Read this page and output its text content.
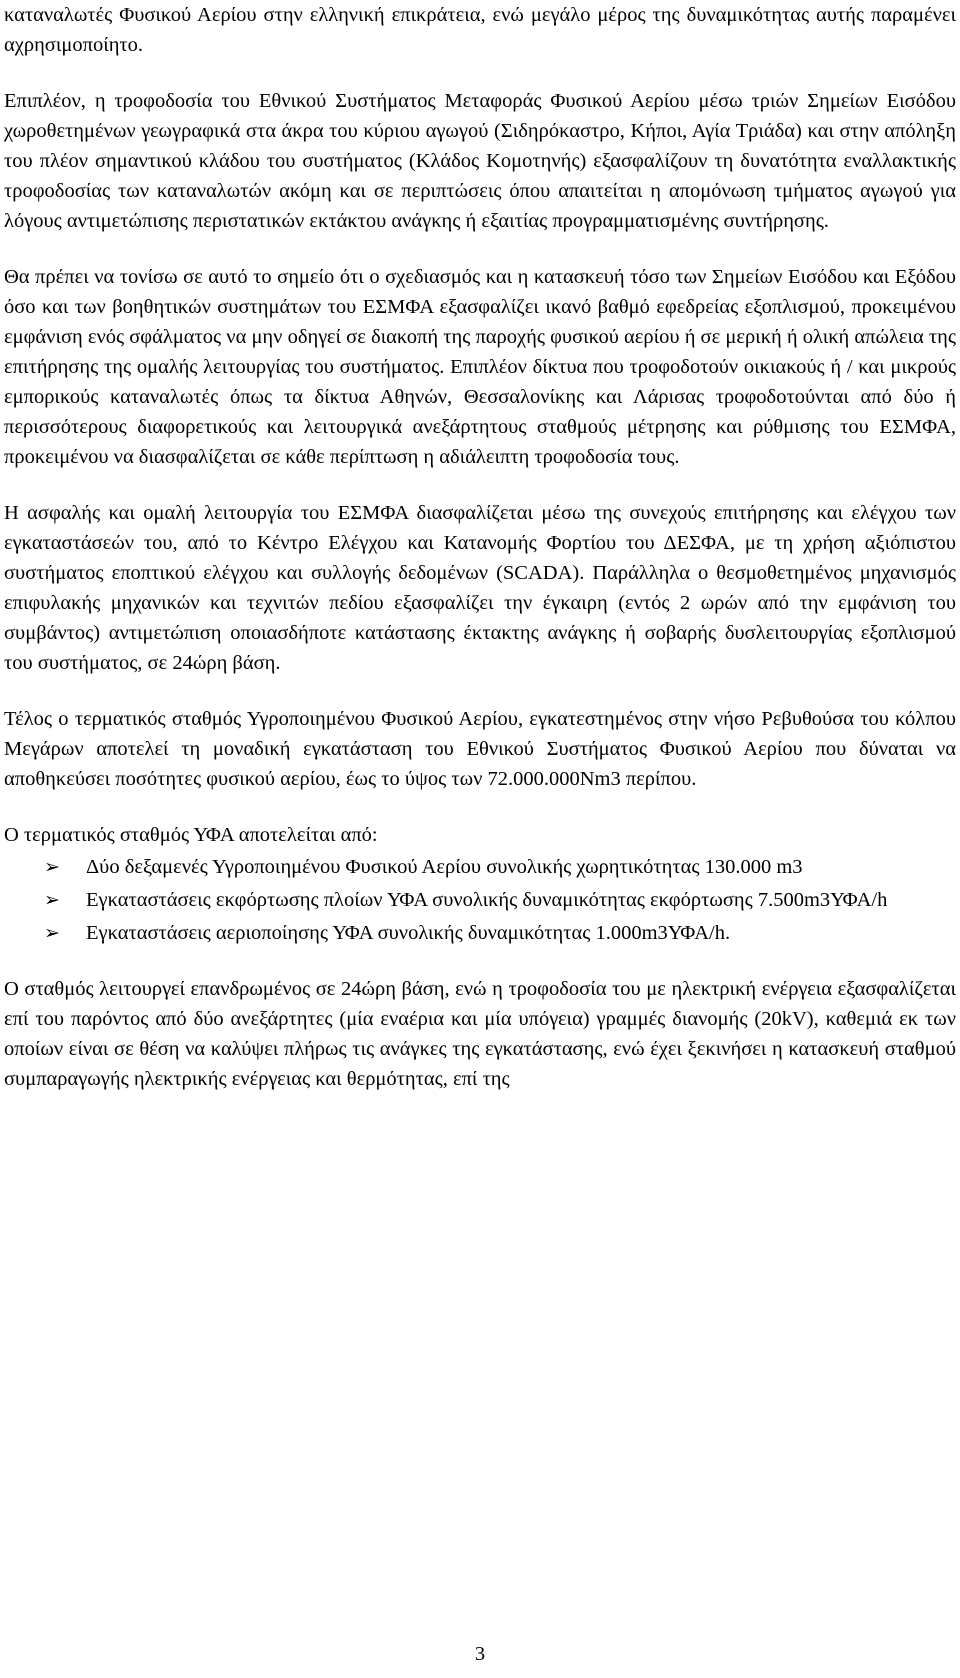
καταναλωτές Φυσικού Αερίου στην ελληνική επικράτεια, ενώ μεγάλο μέρος της δυναμικότητας αυτής παραμένει αχρησιμοποίητο.

Επιπλέον, η τροφοδοσία του Εθνικού Συστήματος Μεταφοράς Φυσικού Αερίου μέσω τριών Σημείων Εισόδου χωροθετημένων γεωγραφικά στα άκρα του κύριου αγωγού (Σιδηρόκαστρο, Κήποι, Αγία Τριάδα) και στην απόληξη του πλέον σημαντικού κλάδου του συστήματος (Κλάδος Κομοτηνής) εξασφαλίζουν τη δυνατότητα εναλλακτικής τροφοδοσίας των καταναλωτών ακόμη και σε περιπτώσεις όπου απαιτείται η απομόνωση τμήματος αγωγού για λόγους αντιμετώπισης περιστατικών εκτάκτου ανάγκης ή εξαιτίας προγραμματισμένης συντήρησης.

Θα πρέπει να τονίσω σε αυτό το σημείο ότι ο σχεδιασμός και η κατασκευή τόσο των Σημείων Εισόδου και Εξόδου όσο και των βοηθητικών συστημάτων του ΕΣΜΦΑ εξασφαλίζει ικανό βαθμό εφεδρείας εξοπλισμού, προκειμένου εμφάνιση ενός σφάλματος να μην οδηγεί σε διακοπή της παροχής φυσικού αερίου ή σε μερική ή ολική απώλεια της επιτήρησης της ομαλής λειτουργίας του συστήματος. Επιπλέον δίκτυα που τροφοδοτούν οικιακούς ή / και μικρούς εμπορικούς καταναλωτές όπως τα δίκτυα Αθηνών, Θεσσαλονίκης και Λάρισας τροφοδοτούνται από δύο ή περισσότερους διαφορετικούς και λειτουργικά ανεξάρτητους σταθμούς μέτρησης και ρύθμισης του ΕΣΜΦΑ, προκειμένου να διασφαλίζεται σε κάθε περίπτωση η αδιάλειπτη τροφοδοσία τους.

Η ασφαλής και ομαλή λειτουργία του ΕΣΜΦΑ διασφαλίζεται μέσω της συνεχούς επιτήρησης και ελέγχου των εγκαταστάσεών του, από το Κέντρο Ελέγχου και Κατανομής Φορτίου του ΔΕΣΦΑ, με τη χρήση αξιόπιστου συστήματος εποπτικού ελέγχου και συλλογής δεδομένων (SCADA). Παράλληλα ο θεσμοθετημένος μηχανισμός επιφυλακής μηχανικών και τεχνιτών πεδίου εξασφαλίζει την έγκαιρη (εντός 2 ωρών από την εμφάνιση του συμβάντος) αντιμετώπιση οποιασδήποτε κατάστασης έκτακτης ανάγκης ή σοβαρής δυσλειτουργίας εξοπλισμού του συστήματος, σε 24ώρη βάση.

Τέλος ο τερματικός σταθμός Υγροποιημένου Φυσικού Αερίου, εγκατεστημένος στην νήσο Ρεβυθούσα του κόλπου Μεγάρων αποτελεί τη μοναδική εγκατάσταση του Εθνικού Συστήματος Φυσικού Αερίου που δύναται να αποθηκεύσει ποσότητες φυσικού αερίου, έως το ύψος των 72.000.000Nm3 περίπου.

Ο τερματικός σταθμός ΥΦΑ αποτελείται από:

➢ Δύο δεξαμενές Υγροποιημένου Φυσικού Αερίου συνολικής χωρητικότητας 130.000 m3
➢ Εγκαταστάσεις εκφόρτωσης πλοίων ΥΦΑ συνολικής δυναμικότητας εκφόρτωσης 7.500m3ΥΦΑ/h
➢ Εγκαταστάσεις αεριοποίησης ΥΦΑ συνολικής δυναμικότητας 1.000m3ΥΦΑ/h.

Ο σταθμός λειτουργεί επανδρωμένος σε 24ώρη βάση, ενώ η τροφοδοσία του με ηλεκτρική ενέργεια εξασφαλίζεται επί του παρόντος από δύο ανεξάρτητες (μία εναέρια και μία υπόγεια) γραμμές διανομής (20kV), καθεμιά εκ των οποίων είναι σε θέση να καλύψει πλήρως τις ανάγκες της εγκατάστασης, ενώ έχει ξεκινήσει η κατασκευή σταθμού συμπαραγωγής ηλεκτρικής ενέργειας και θερμότητας, επί της

3
